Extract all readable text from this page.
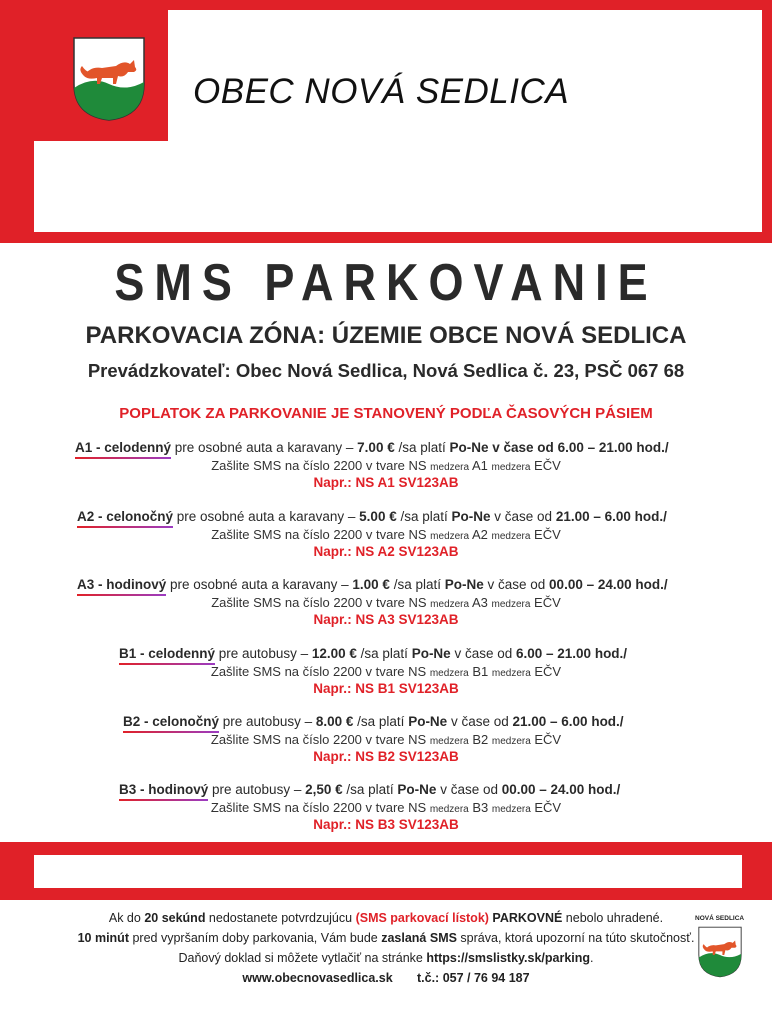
OBEC NOVÁ SEDLICA
SMS PARKOVANIE
PARKOVACIA ZÓNA: ÚZEMIE OBCE NOVÁ SEDLICA
Prevádzkovateľ: Obec Nová Sedlica, Nová Sedlica č. 23, PSČ 067 68
POPLATOK ZA PARKOVANIE JE STANOVENÝ PODĽA ČASOVÝCH PÁSIEM
A1 - celodenný
pre osobné auta a karavany – 7.00 € /sa platí Po-Ne v čase od 6.00 – 21.00 hod./
Zašlite SMS na číslo 2200 v tvare NS medzera A1 medzera EČV
Napr.: NS A1 SV123AB
A2 - celonočný
pre osobné auta a karavany – 5.00 € /sa platí Po-Ne v čase od 21.00 – 6.00 hod./
Zašlite SMS na číslo 2200 v tvare NS medzera A2 medzera EČV
Napr.: NS A2 SV123AB
A3 - hodinový
pre osobné auta a karavany – 1.00 € /sa platí Po-Ne v čase od 00.00 – 24.00 hod./
Zašlite SMS na číslo 2200 v tvare NS medzera A3 medzera EČV
Napr.: NS A3 SV123AB
B1 - celodenný
pre autobusy – 12.00 € /sa platí Po-Ne v čase od 6.00 – 21.00 hod./
Zašlite SMS na číslo 2200 v tvare NS medzera B1 medzera EČV
Napr.: NS B1 SV123AB
B2 - celonočný
pre autobusy – 8.00 € /sa platí Po-Ne v čase od 21.00 – 6.00 hod./
Zašlite SMS na číslo 2200 v tvare NS medzera B2 medzera EČV
Napr.: NS B2 SV123AB
B3 - hodinový
pre autobusy – 2,50 € /sa platí Po-Ne v čase od 00.00 – 24.00 hod./
Zašlite SMS na číslo 2200 v tvare NS medzera B3 medzera EČV
Napr.: NS B3 SV123AB
Ak do 20 sekúnd nedostanete potvrdzujúcu (SMS parkovací lístok) PARKOVNÉ nebolo uhradené.
10 minút pred vypršaním doby parkovania, Vám bude zaslaná SMS správa, ktorá upozorní na túto skutočnosť.
Daňový doklad si môžete vytlačiť na stránke https://smslistky.sk/parking.
www.obecnovasedlica.sk t.č.: 057 / 76 94 187
NOVÁ SEDLICA
